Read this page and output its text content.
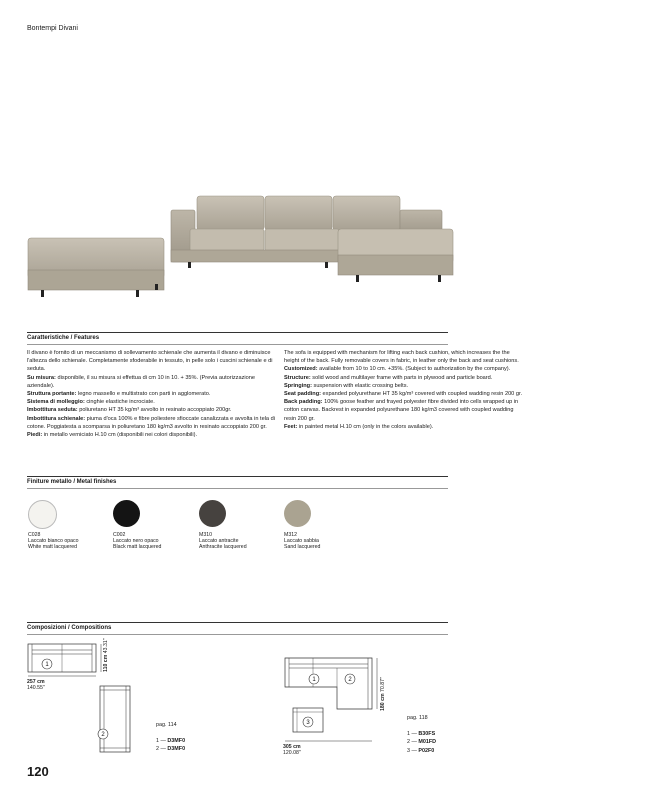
Bontempi Divani
Caratteristiche / Features

Il divano è fornito di un meccanismo di sollevamento schienale che aumenta il divano e diminuisce l'altezza dello schienale. Completamente sfoderabile in tessuto, in pelle solo i cuscini schienale e di seduta.

Su misura: disponibile, il su misura si effettua di cm 10 in 10. + 35%. (Previa autorizzazione aziendale).

Struttura portante: legno massello e multistrato con parti in agglomerato.

Sistema di molleggio: cinghie elastiche incrociate.

Imbottitura seduta: poliuretano HT 35 kg/m³ avvolto in resinato accoppiato 200gr.

Imbottitura schienale: piuma d'oca 100% e fibre poliestere sfioccate canalizzata e avvolta in tela di cotone. Poggiatesta a scomparsa in poliuretano 180 kg/m3 avvolto in resinato accoppiato 200 gr.

Piedi: in metallo verniciato H.10 cm (disponibili nei colori disponibili).

The sofa is equipped with mechanism for lifting each back cushion, which increases the the height of the back. Fully removable covers in fabric, in leather only the back and seat cushions.

Customized: available from 10 to 10 cm. +35%. (Subject to authorization by the company).

Structure: solid wood and multilayer frame with parts in plywood and particle board.

Springing: suspension with elastic crossing belts.

Seat padding: expanded polyurethane HT 35 kg/m³ covered with coupled wadding resin 200 gr.

Back padding: 100% goose feather and frayed polyester fibre divided into cells wrapped up in cotton canvas. Backrest in expanded polyurethane 180 kg/m3 covered with coupled wadding resin 200 gr.

Feet: in painted metal H.10 cm (only in the colors available).

Finiture metallo / Metal finishes
C028
Laccato bianco opaco
White matt lacquered
C002
Laccato nero opaco
Black matt lacquered
M310
Laccato antracite
Anthracite lacquered
M312
Laccato sabbia
Sand lacquered
Composizioni / Compositions
1
2
257 cm
140.55"
110 cm 43.31"
pag. 114
1 — D3MF0
2 — D3MF0
1	2
3
305 cm
120.08"
180 cm 70.87"
pag. 118
1 — B30FS
2 — M01FD
3 — P02F0
120
